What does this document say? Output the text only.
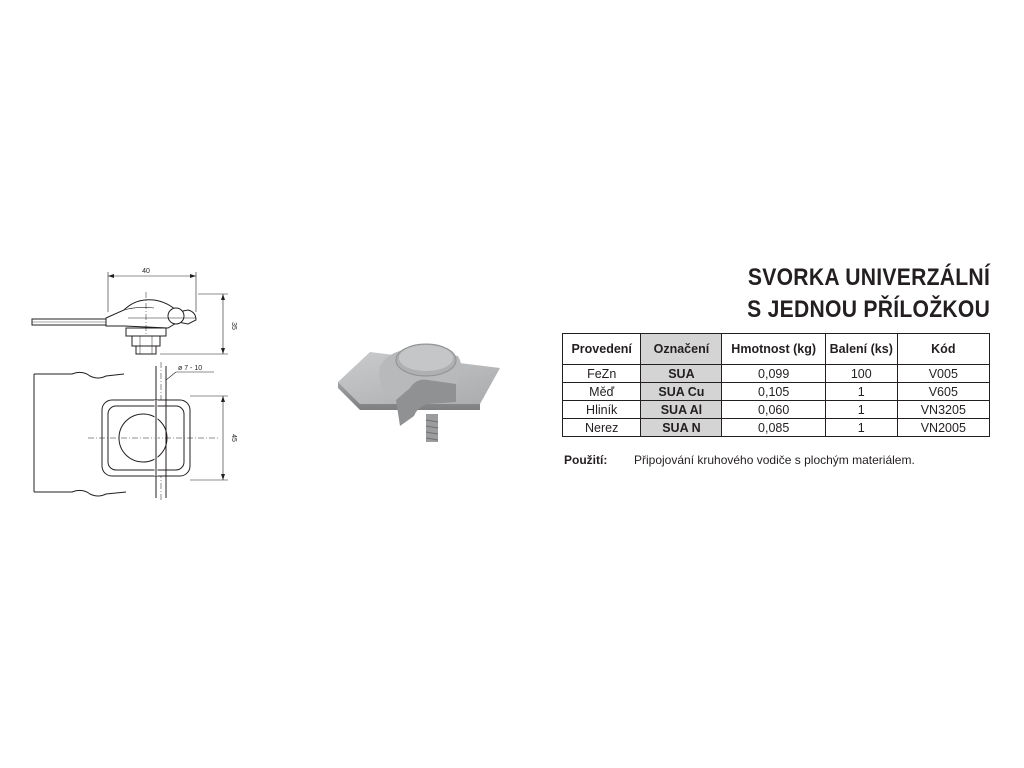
40
35
ø 7 - 10
45
SVORKA UNIVERZÁLNÍ
S JEDNOU PŘÍLOŽKOU
Provedení	Označení	Hmotnost (kg)	Balení (ks)	Kód
FeZn	SUA	0,099	100	V005
Měď	SUA Cu	0,105	1	V605
Hliník	SUA Al	0,060	1	VN3205
Nerez	SUA N	0,085	1	VN2005
Použití: Připojování kruhového vodiče s plochým materiálem.
